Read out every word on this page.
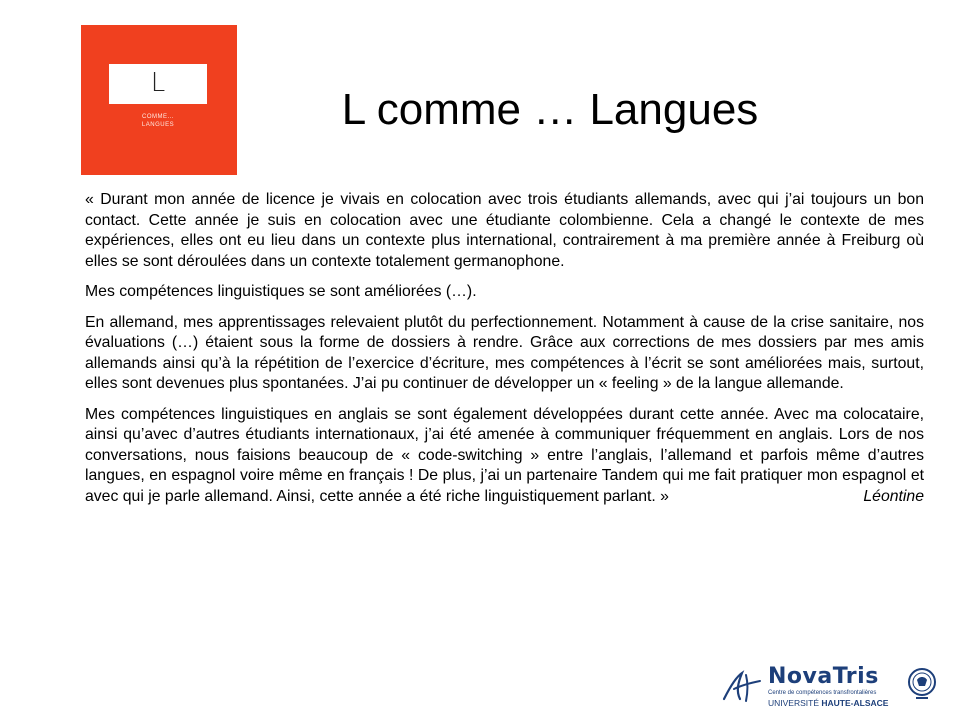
L
COMME…
LANGUES	L comme … Langues

« Durant mon année de licence je vivais en colocation avec trois étudiants allemands, avec qui j’ai toujours un bon contact. Cette année je suis en colocation avec une étudiante colombienne. Cela a changé le contexte de mes expériences, elles ont eu lieu dans un contexte plus international, contrairement à ma première année à Freiburg où elles se sont déroulées dans un contexte totalement germanophone.

Mes compétences linguistiques se sont améliorées (…).

En allemand, mes apprentissages relevaient plutôt du perfectionnement. Notamment à cause de la crise sanitaire, nos évaluations (…) étaient sous la forme de dossiers à rendre. Grâce aux corrections de mes dossiers par mes amis allemands ainsi qu’à la répétition de l’exercice d’écriture, mes compétences à l’écrit se sont améliorées mais, surtout, elles sont devenues plus spontanées. J’ai pu continuer de développer un « feeling » de la langue allemande.

Mes compétences linguistiques en anglais se sont également développées durant cette année. Avec ma colocataire, ainsi qu’avec d’autres étudiants internationaux, j’ai été amenée à communiquer fréquemment en anglais. Lors de nos conversations, nous faisions beaucoup de « code-switching » entre l’anglais, l’allemand et parfois même d’autres langues, en espagnol voire même en français ! De plus, j’ai un partenaire Tandem qui me fait pratiquer mon espagnol et avec qui je parle allemand. Ainsi, cette année a été riche linguistiquement parlant. »	Léontine

NovaTris
Centre de compétences transfrontalières
UNIVERSITÉ HAUTE-ALSACE
